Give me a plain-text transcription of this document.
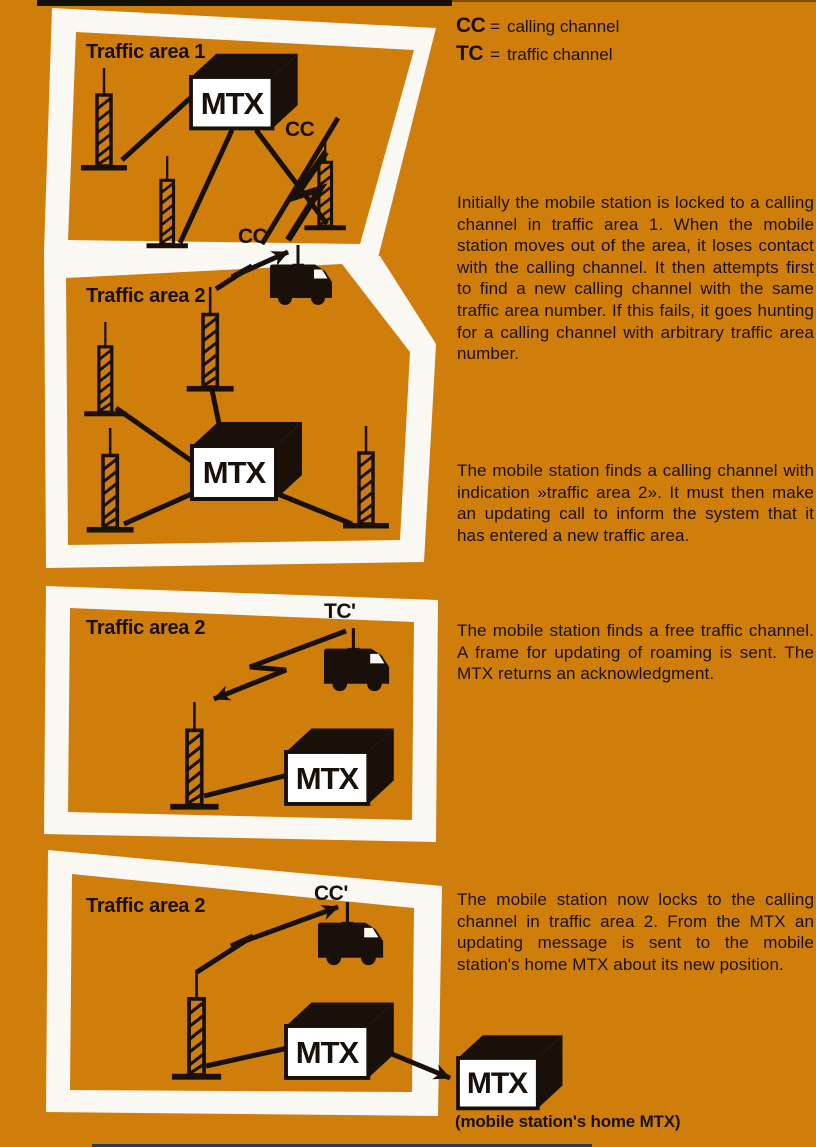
Traffic area 1
MTX
CC
CC'
Traffic area 2
MTX
Traffic area 2
TC'
MTX
Traffic area 2
CC'
MTX
MTX
CC = calling channel
TC = traffic channel
Initially the mobile station is locked to a calling channel in traffic area 1. When the mobile station moves out of the area, it loses contact with the calling channel. It then attempts first to find a new calling channel with the same traffic area number. If this fails, it goes hunting for a calling channel with arbitrary traffic area number.
The mobile station finds a calling channel with indication »traffic area 2». It must then make an updating call to inform the system that it has entered a new traffic area.
The mobile station finds a free traffic channel. A frame for updating of roaming is sent. The MTX returns an acknowledgment.
The mobile station now locks to the calling channel in traffic area 2. From the MTX an updating message is sent to the mobile station's home MTX about its new position.
(mobile station's home MTX)
